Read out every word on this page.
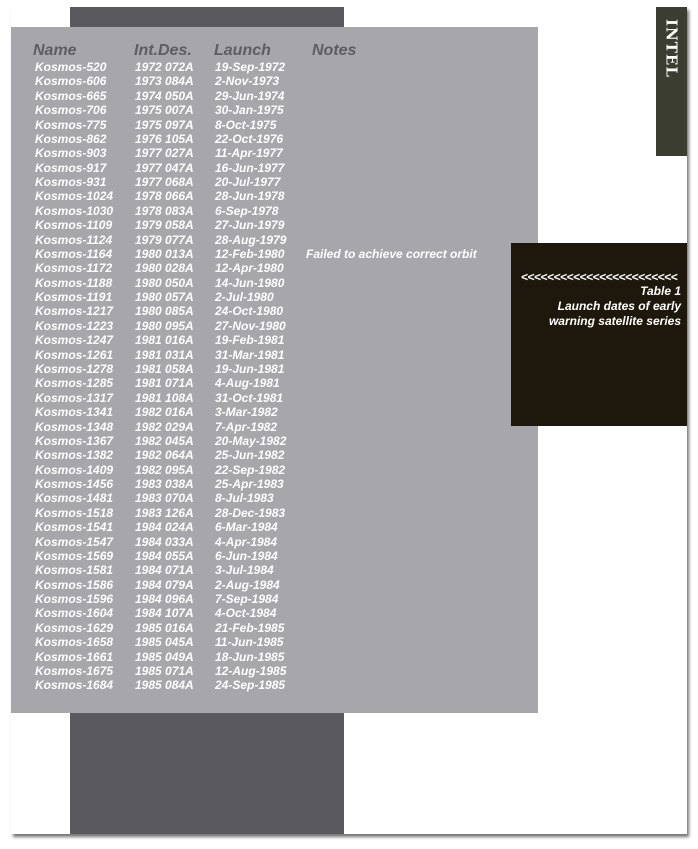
INTEL
Name	Int.Des. Launch	Notes
Kosmos-520 1972 072A 19-Sep-1972
Kosmos-606 1973 084A 2-Nov-1973
Kosmos-665 1974 050A 29-Jun-1974
Kosmos-706 1975 007A 30-Jan-1975
Kosmos-775 1975 097A 8-Oct-1975
Kosmos-862 1976 105A 22-Oct-1976
Kosmos-903 1977 027A 11-Apr-1977
Kosmos-917 1977 047A 16-Jun-1977
Kosmos-931 1977 068A 20-Jul-1977
Kosmos-1024 1978 066A 28-Jun-1978
Kosmos-1030 1978 083A 6-Sep-1978
Kosmos-1109 1979 058A 27-Jun-1979
Kosmos-1124 1979 077A 28-Aug-1979
Kosmos-1164 1980 013A 12-Feb-1980 Failed to achieve correct orbit
Kosmos-1172 1980 028A 12-Apr-1980
Kosmos-1188 1980 050A 14-Jun-1980
Kosmos-1191 1980 057A 2-Jul-1980
Kosmos-1217 1980 085A 24-Oct-1980
Kosmos-1223 1980 095A 27-Nov-1980
Kosmos-1247 1981 016A 19-Feb-1981
Kosmos-1261 1981 031A 31-Mar-1981
Kosmos-1278 1981 058A 19-Jun-1981
Kosmos-1285 1981 071A 4-Aug-1981
Kosmos-1317 1981 108A 31-Oct-1981
Kosmos-1341 1982 016A 3-Mar-1982
Kosmos-1348 1982 029A 7-Apr-1982
Kosmos-1367 1982 045A 20-May-1982
Kosmos-1382 1982 064A 25-Jun-1982
Kosmos-1409 1982 095A 22-Sep-1982
Kosmos-1456 1983 038A 25-Apr-1983
Kosmos-1481 1983 070A 8-Jul-1983
Kosmos-1518 1983 126A 28-Dec-1983
Kosmos-1541 1984 024A 6-Mar-1984
Kosmos-1547 1984 033A 4-Apr-1984
Kosmos-1569 1984 055A 6-Jun-1984
Kosmos-1581 1984 071A 3-Jul-1984
Kosmos-1586 1984 079A 2-Aug-1984
Kosmos-1596 1984 096A 7-Sep-1984
Kosmos-1604 1984 107A 4-Oct-1984
Kosmos-1629 1985 016A 21-Feb-1985
Kosmos-1658 1985 045A 11-Jun-1985
Kosmos-1661 1985 049A 18-Jun-1985
Kosmos-1675 1985 071A 12-Aug-1985
Kosmos-1684 1985 084A 24-Sep-1985
<<<<<<<<<<<<<<<<<<<<<<<<
Table 1
Launch dates of early
warning satellite series
